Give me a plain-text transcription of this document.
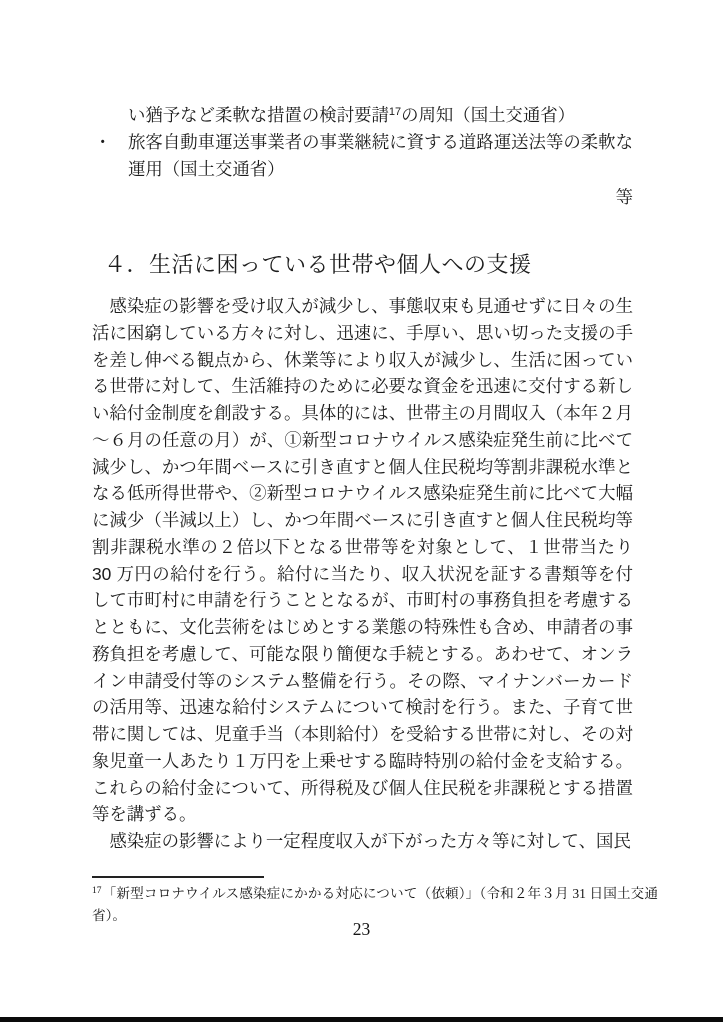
い猶予など柔軟な措置の検討要請$^{17}$の周知（国土交通省）
・ 旅客自動車運送事業者の事業継続に資する道路運送法等の柔軟な運用（国土交通省）
等
４．生活に困っている世帯や個人への支援

感染症の影響を受け収入が減少し、事態収束も見通せずに日々の生活に困窮している方々に対し、迅速に、手厚い、思い切った支援の手を差し伸べる観点から、休業等により収入が減少し、生活に困っている世帯に対して、生活維持のために必要な資金を迅速に交付する新しい給付金制度を創設する。具体的には、世帯主の月間収入（本年２月～６月の任意の月）が、①新型コロナウイルス感染症発生前に比べて減少し、かつ年間ベースに引き直すと個人住民税均等割非課税水準となる低所得世帯や、②新型コロナウイルス感染症発生前に比べて大幅に減少（半減以上）し、かつ年間ベースに引き直すと個人住民税均等割非課税水準の２倍以下となる世帯等を対象として、１世帯当たり 30 万円の給付を行う。給付に当たり、収入状況を証する書類等を付して市町村に申請を行うこととなるが、市町村の事務負担を考慮するとともに、文化芸術をはじめとする業態の特殊性も含め、申請者の事務負担を考慮して、可能な限り簡便な手続とする。あわせて、オンライン申請受付等のシステム整備を行う。その際、マイナンバーカードの活用等、迅速な給付システムについて検討を行う。また、子育て世帯に関しては、児童手当（本則給付）を受給する世帯に対し、その対象児童一人あたり１万円を上乗せする臨時特別の給付金を支給する。これらの給付金について、所得税及び個人住民税を非課税とする措置等を講ずる。

感染症の影響により一定程度収入が下がった方々等に対して、国民

$^{17}$「新型コロナウイルス感染症にかかる対応について（依頼）」（令和２年３月 31 日国土交通省）。
23
